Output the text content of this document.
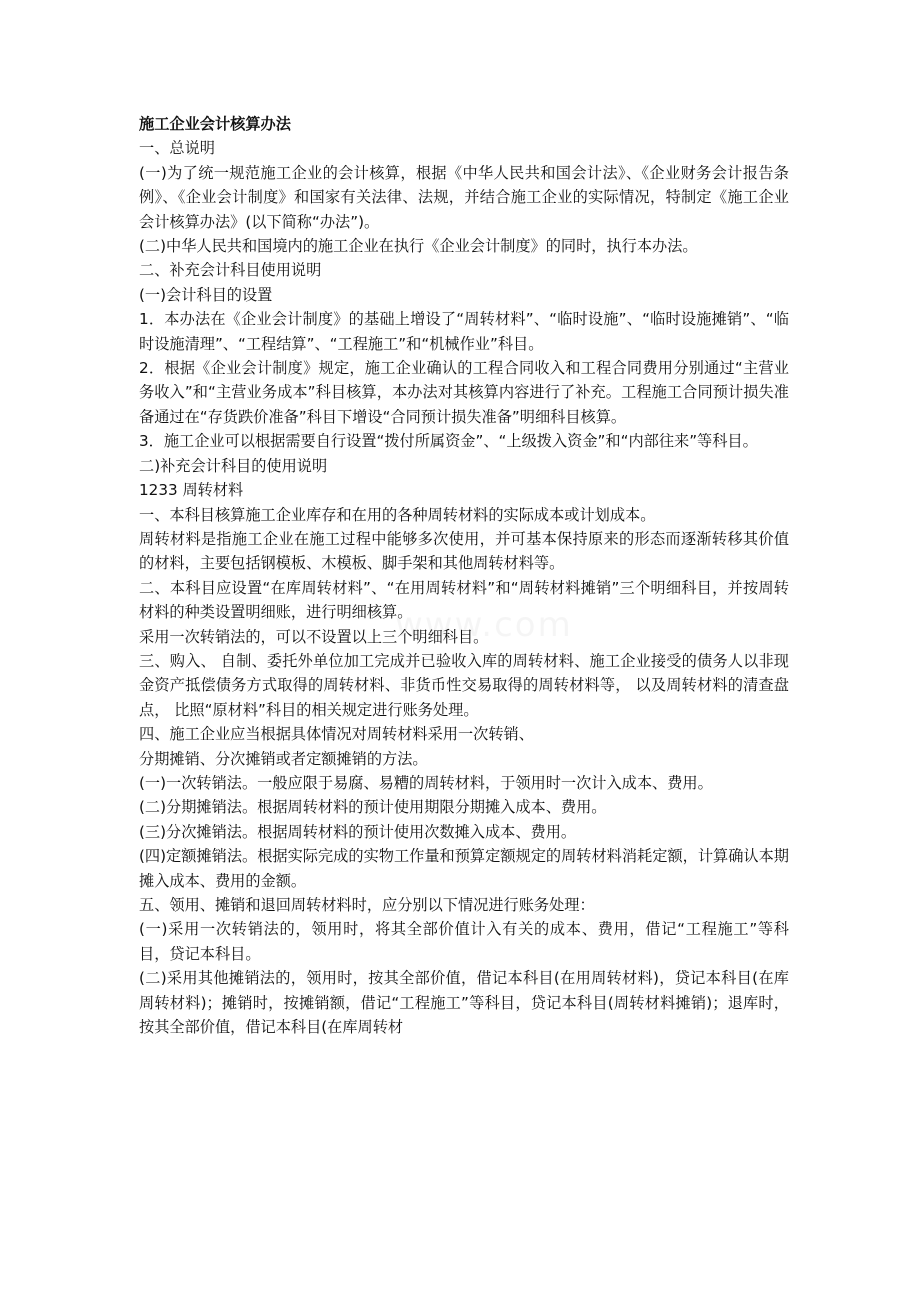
施工企业会计核算办法

一、总说明

(一)为了统一规范施工企业的会计核算，根据《中华人民共和国会计法》、《企业财务会计报告条例》、《企业会计制度》和国家有关法律、法规，并结合施工企业的实际情况，特制定《施工企业会计核算办法》(以下简称“办法”)。

(二)中华人民共和国境内的施工企业在执行《企业会计制度》的同时，执行本办法。

二、补充会计科目使用说明

(一)会计科目的设置

1．本办法在《企业会计制度》的基础上增设了“周转材料”、“临时设施”、“临时设施摊销”、“临时设施清理”、“工程结算”、“工程施工”和“机械作业”科目。

2．根据《企业会计制度》规定，施工企业确认的工程合同收入和工程合同费用分别通过“主营业务收入”和“主营业务成本”科目核算，本办法对其核算内容进行了补充。工程施工合同预计损失准备通过在“存货跌价准备”科目下增设“合同预计损失准备”明细科目核算。

3．施工企业可以根据需要自行设置“拨付所属资金”、“上级拨入资金”和“内部往来”等科目。

二)补充会计科目的使用说明

1233 周转材料

一、本科目核算施工企业库存和在用的各种周转材料的实际成本或计划成本。

周转材料是指施工企业在施工过程中能够多次使用，并可基本保持原来的形态而逐渐转移其价值的材料，主要包括钢模板、木模板、脚手架和其他周转材料等。

二、本科目应设置“在库周转材料”、“在用周转材料”和“周转材料摊销”三个明细科目，并按周转材料的种类设置明细账，进行明细核算。

采用一次转销法的，可以不设置以上三个明细科目。

三、购入、 自制、委托外单位加工完成并已验收入库的周转材料、施工企业接受的债务人以非现金资产抵偿债务方式取得的周转材料、非货币性交易取得的周转材料等， 以及周转材料的清查盘点， 比照“原材料”科目的相关规定进行账务处理。

四、施工企业应当根据具体情况对周转材料采用一次转销、

分期摊销、分次摊销或者定额摊销的方法。

(一)一次转销法。一般应限于易腐、易糟的周转材料，于领用时一次计入成本、费用。

(二)分期摊销法。根据周转材料的预计使用期限分期摊入成本、费用。

(三)分次摊销法。根据周转材料的预计使用次数摊入成本、费用。

(四)定额摊销法。根据实际完成的实物工作量和预算定额规定的周转材料消耗定额，计算确认本期摊入成本、费用的金额。

五、领用、摊销和退回周转材料时，应分别以下情况进行账务处理：

(一)采用一次转销法的，领用时，将其全部价值计入有关的成本、费用，借记“工程施工”等科目，贷记本科目。

(二)采用其他摊销法的，领用时，按其全部价值，借记本科目(在用周转材料)，贷记本科目(在库周转材料)；摊销时，按摊销额，借记“工程施工”等科目，贷记本科目(周转材料摊销)；退库时，按其全部价值，借记本科目(在库周转材
